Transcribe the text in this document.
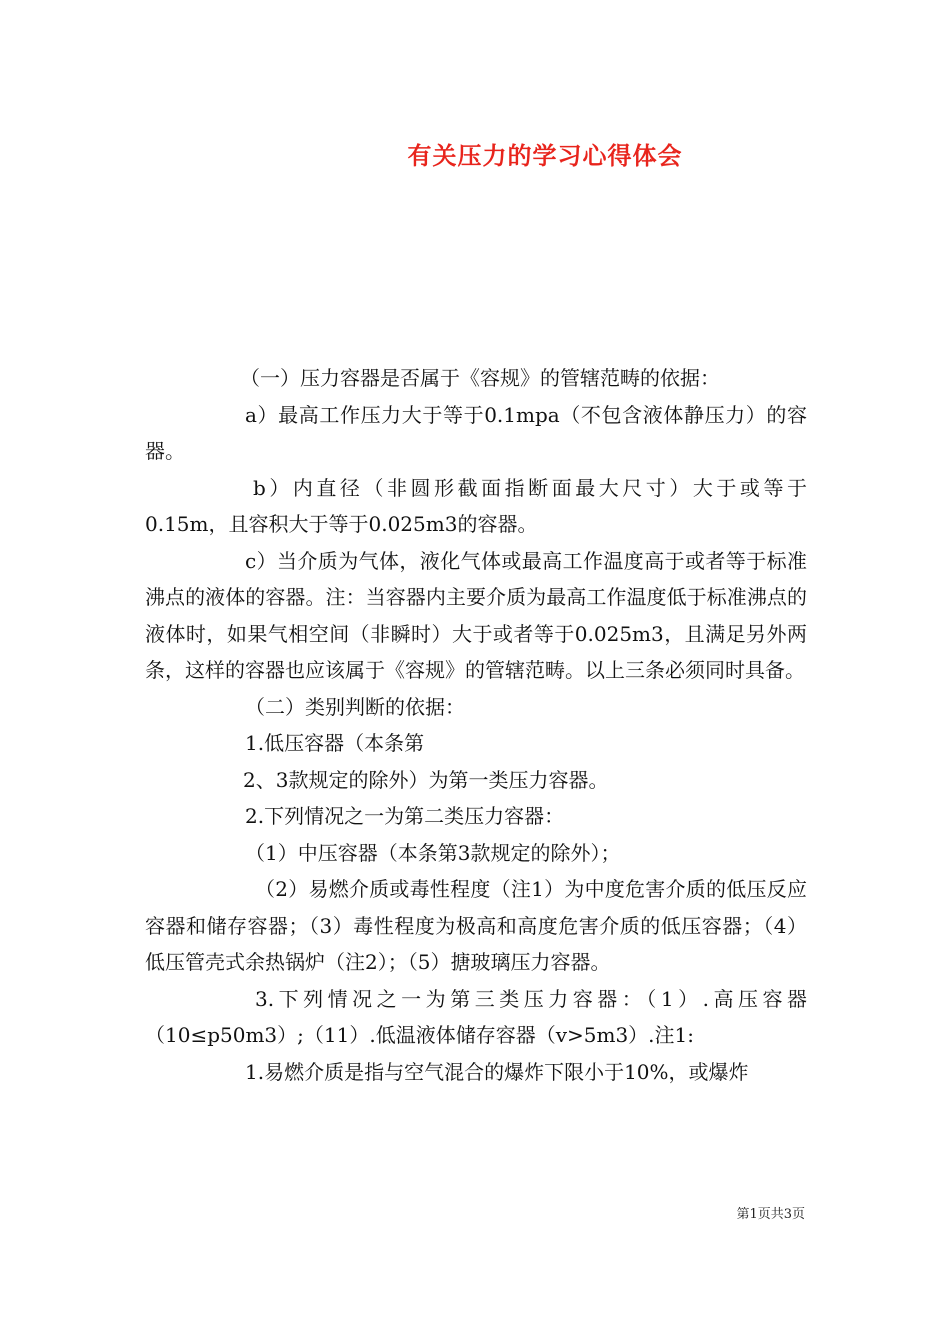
有关压力的学习心得体会

（一）压力容器是否属于《容规》的管辖范畴的依据：

a）最高工作压力大于等于0.1mpa（不包含液体静压力）的容器。

b）内直径（非圆形截面指断面最大尺寸）大于或等于0.15m，且容积大于等于0.025m3的容器。

c）当介质为气体，液化气体或最高工作温度高于或者等于标准沸点的液体的容器。注：当容器内主要介质为最高工作温度低于标准沸点的液体时，如果气相空间（非瞬时）大于或者等于0.025m3，且满足另外两条，这样的容器也应该属于《容规》的管辖范畴。以上三条必须同时具备。

（二）类别判断的依据：

1.低压容器（本条第

2、3款规定的除外）为第一类压力容器。

2.下列情况之一为第二类压力容器：

（1）中压容器（本条第3款规定的除外）；

（2）易燃介质或毒性程度（注1）为中度危害介质的低压反应容器和储存容器；（3）毒性程度为极高和高度危害介质的低压容器；（4）低压管壳式余热锅炉（注2）；（5）搪玻璃压力容器。

3.下列情况之一为第三类压力容器：（1）.高压容器（10≤p50m3）;（11）.低温液体储存容器（v>5m3）.注1:

1.易燃介质是指与空气混合的爆炸下限小于10%，或爆炸

第1页共3页
